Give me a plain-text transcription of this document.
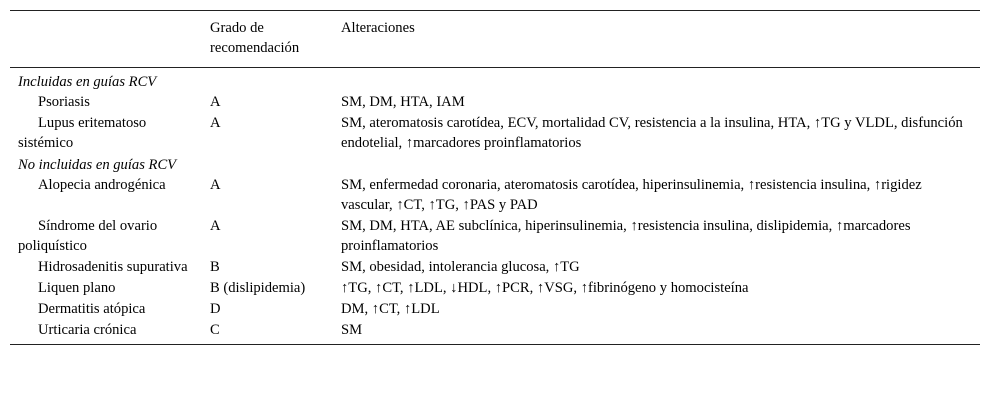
	Grado de recomendación	Alteraciones
Incluidas en guías RCV		
Psoriasis	A	SM, DM, HTA, IAM
Lupus eritematoso sistémico	A	SM, ateromatosis carotídea, ECV, mortalidad CV, resistencia a la insulina, HTA, ↑TG y VLDL, disfunción endotelial, ↑marcadores proinflamatorios
No incluidas en guías RCV		
Alopecia androgénica	A	SM, enfermedad coronaria, ateromatosis carotídea, hiperinsulinemia, ↑resistencia insulina, ↑rigidez vascular, ↑CT, ↑TG, ↑PAS y PAD
Síndrome del ovario poliquístico	A	SM, DM, HTA, AE subclínica, hiperinsulinemia, ↑resistencia insulina, dislipidemia, ↑marcadores proinflamatorios
Hidrosadenitis supurativa	B	SM, obesidad, intolerancia glucosa, ↑TG
Liquen plano	B (dislipidemia)	↑TG, ↑CT, ↑LDL, ↓HDL, ↑PCR, ↑VSG, ↑fibrinógeno y homocisteína
Dermatitis atópica	D	DM, ↑CT, ↑LDL
Urticaria crónica	C	SM
